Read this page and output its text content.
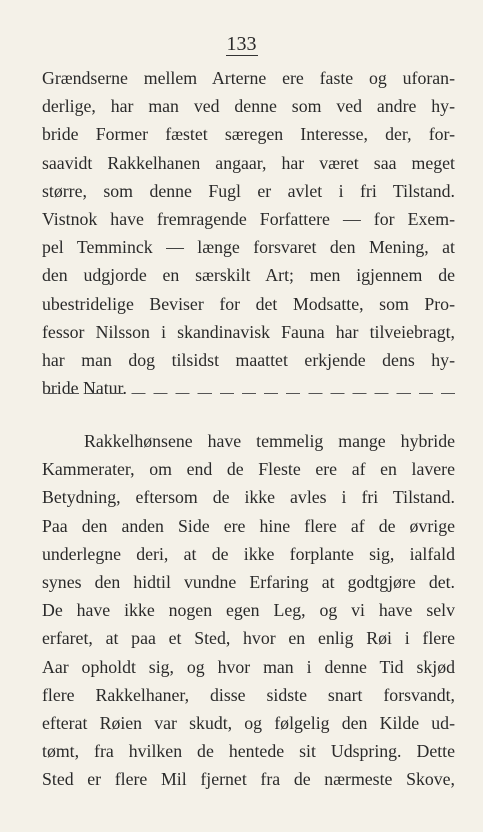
133
Grændserne mellem Arterne ere faste og uforan-
derlige, har man ved denne som ved andre hy-
bride Former fæstet særegen Interesse, der, for-
saavidt Rakkelhanen angaar, har været saa meget
større, som denne Fugl er avlet i fri Tilstand.
Vistnok have fremragende Forfattere — for Exem-
pel Temminck — længe forsvaret den Mening, at
den udgjorde en særskilt Art; men igjennem de
ubestridelige Beviser for det Modsatte, som Pro-
fessor Nilsson i skandinavisk Fauna har tilveiebragt,
har man dog tilsidst maattet erkjende dens hy-
bride Natur.
Rakkelhønsene have temmelig mange hybride
Kammerater, om end de Fleste ere af en lavere
Betydning, eftersom de ikke avles i fri Tilstand.
Paa den anden Side ere hine flere af de øvrige
underlegne deri, at de ikke forplante sig, ialfald
synes den hidtil vundne Erfaring at godtgjøre det.
De have ikke nogen egen Leg, og vi have selv
erfaret, at paa et Sted, hvor en enlig Røi i flere
Aar opholdt sig, og hvor man i denne Tid skjød
flere Rakkelhaner, disse sidste snart forsvandt,
efterat Røien var skudt, og følgelig den Kilde ud-
tømt, fra hvilken de hentede sit Udspring. Dette
Sted er flere Mil fjernet fra de nærmeste Skove,
